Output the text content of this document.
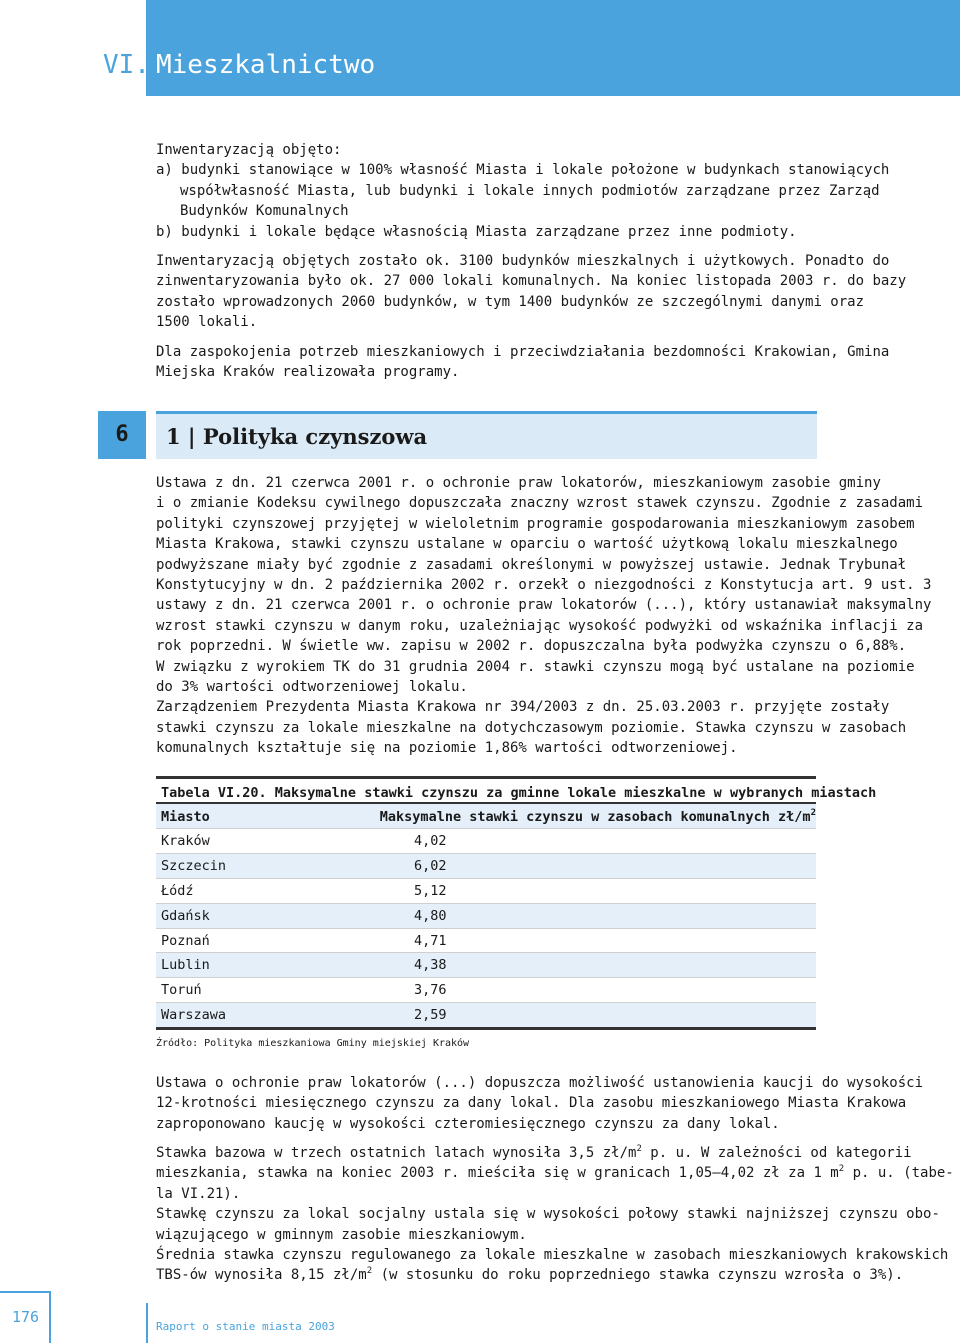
VI. Mieszkalnictwo
Inwentaryzacją objęto:
a) budynki stanowiące w 100% własność Miasta i lokale położone w budynkach stanowiących
współwłasność Miasta, lub budynki i lokale innych podmiotów zarządzane przez Zarząd
Budynków Komunalnych
b) budynki i lokale będące własnością Miasta zarządzane przez inne podmioty.
Inwentaryzacją objętych zostało ok. 3100 budynków mieszkalnych i użytkowych. Ponadto do
zinwentaryzowania było ok. 27 000 lokali komunalnych. Na koniec listopada 2003 r. do bazy
zostało wprowadzonych 2060 budynków, w tym 1400 budynków ze szczególnymi danymi oraz
1500 lokali.
Dla zaspokojenia potrzeb mieszkaniowych i przeciwdziałania bezdomności Krakowian, Gmina
Miejska Kraków realizowała programy.
6	1 | Polityka czynszowa
Ustawa z dn. 21 czerwca 2001 r. o ochronie praw lokatorów, mieszkaniowym zasobie gminy
i o zmianie Kodeksu cywilnego dopuszczała znaczny wzrost stawek czynszu. Zgodnie z zasadami
polityki czynszowej przyjętej w wieloletnim programie gospodarowania mieszkaniowym zasobem
Miasta Krakowa, stawki czynszu ustalane w oparciu o wartość użytkową lokalu mieszkalnego
podwyższane miały być zgodnie z zasadami określonymi w powyższej ustawie. Jednak Trybunał
Konstytucyjny w dn. 2 października 2002 r. orzekł o niezgodności z Konstytucja art. 9 ust. 3
ustawy z dn. 21 czerwca 2001 r. o ochronie praw lokatorów (...), który ustanawiał maksymalny
wzrost stawki czynszu w danym roku, uzależniając wysokość podwyżki od wskaźnika inflacji za
rok poprzedni. W świetle ww. zapisu w 2002 r. dopuszczalna była podwyżka czynszu o 6,88%.
W związku z wyrokiem TK do 31 grudnia 2004 r. stawki czynszu mogą być ustalane na poziomie
do 3% wartości odtworzeniowej lokalu.
Zarządzeniem Prezydenta Miasta Krakowa nr 394/2003 z dn. 25.03.2003 r. przyjęte zostały
stawki czynszu za lokale mieszkalne na dotychczasowym poziomie. Stawka czynszu w zasobach
komunalnych kształtuje się na poziomie 1,86% wartości odtworzeniowej.
Tabela VI.20. Maksymalne stawki czynszu za gminne lokale mieszkalne w wybranych miastach
Miasto	Maksymalne stawki czynszu w zasobach komunalnych $zł/m^2$
Kraków	4,02
Szczecin	6,02
Łódź	5,12
Gdańsk	4,80
Poznań	4,71
Lublin	4,38
Toruń	3,76
Warszawa	2,59
Źródło: Polityka mieszkaniowa Gminy miejskiej Kraków
Ustawa o ochronie praw lokatorów (...) dopuszcza możliwość ustanowienia kaucji do wysokości
12-krotności miesięcznego czynszu za dany lokal. Dla zasobu mieszkaniowego Miasta Krakowa
zaproponowano kaucję w wysokości czteromiesięcznego czynszu za dany lokal.
Stawka bazowa w trzech ostatnich latach wynosiła 3,5 $zł/m^2$ p. u. W zależności od kategorii
mieszkania, stawka na koniec 2003 r. mieściła się w granicach 1,05–4,02 zł za 1 $m^2$ p. u. (tabe-
la VI.21).
Stawkę czynszu za lokal socjalny ustala się w wysokości połowy stawki najniższej czynszu obo-
wiązującego w gminnym zasobie mieszkaniowym.
Średnia stawka czynszu regulowanego za lokale mieszkalne w zasobach mieszkaniowych krakowskich
TBS-ów wynosiła 8,15 $zł/m^2$ (w stosunku do roku poprzedniego stawka czynszu wzrosła o 3%).
176
Raport o stanie miasta 2003
